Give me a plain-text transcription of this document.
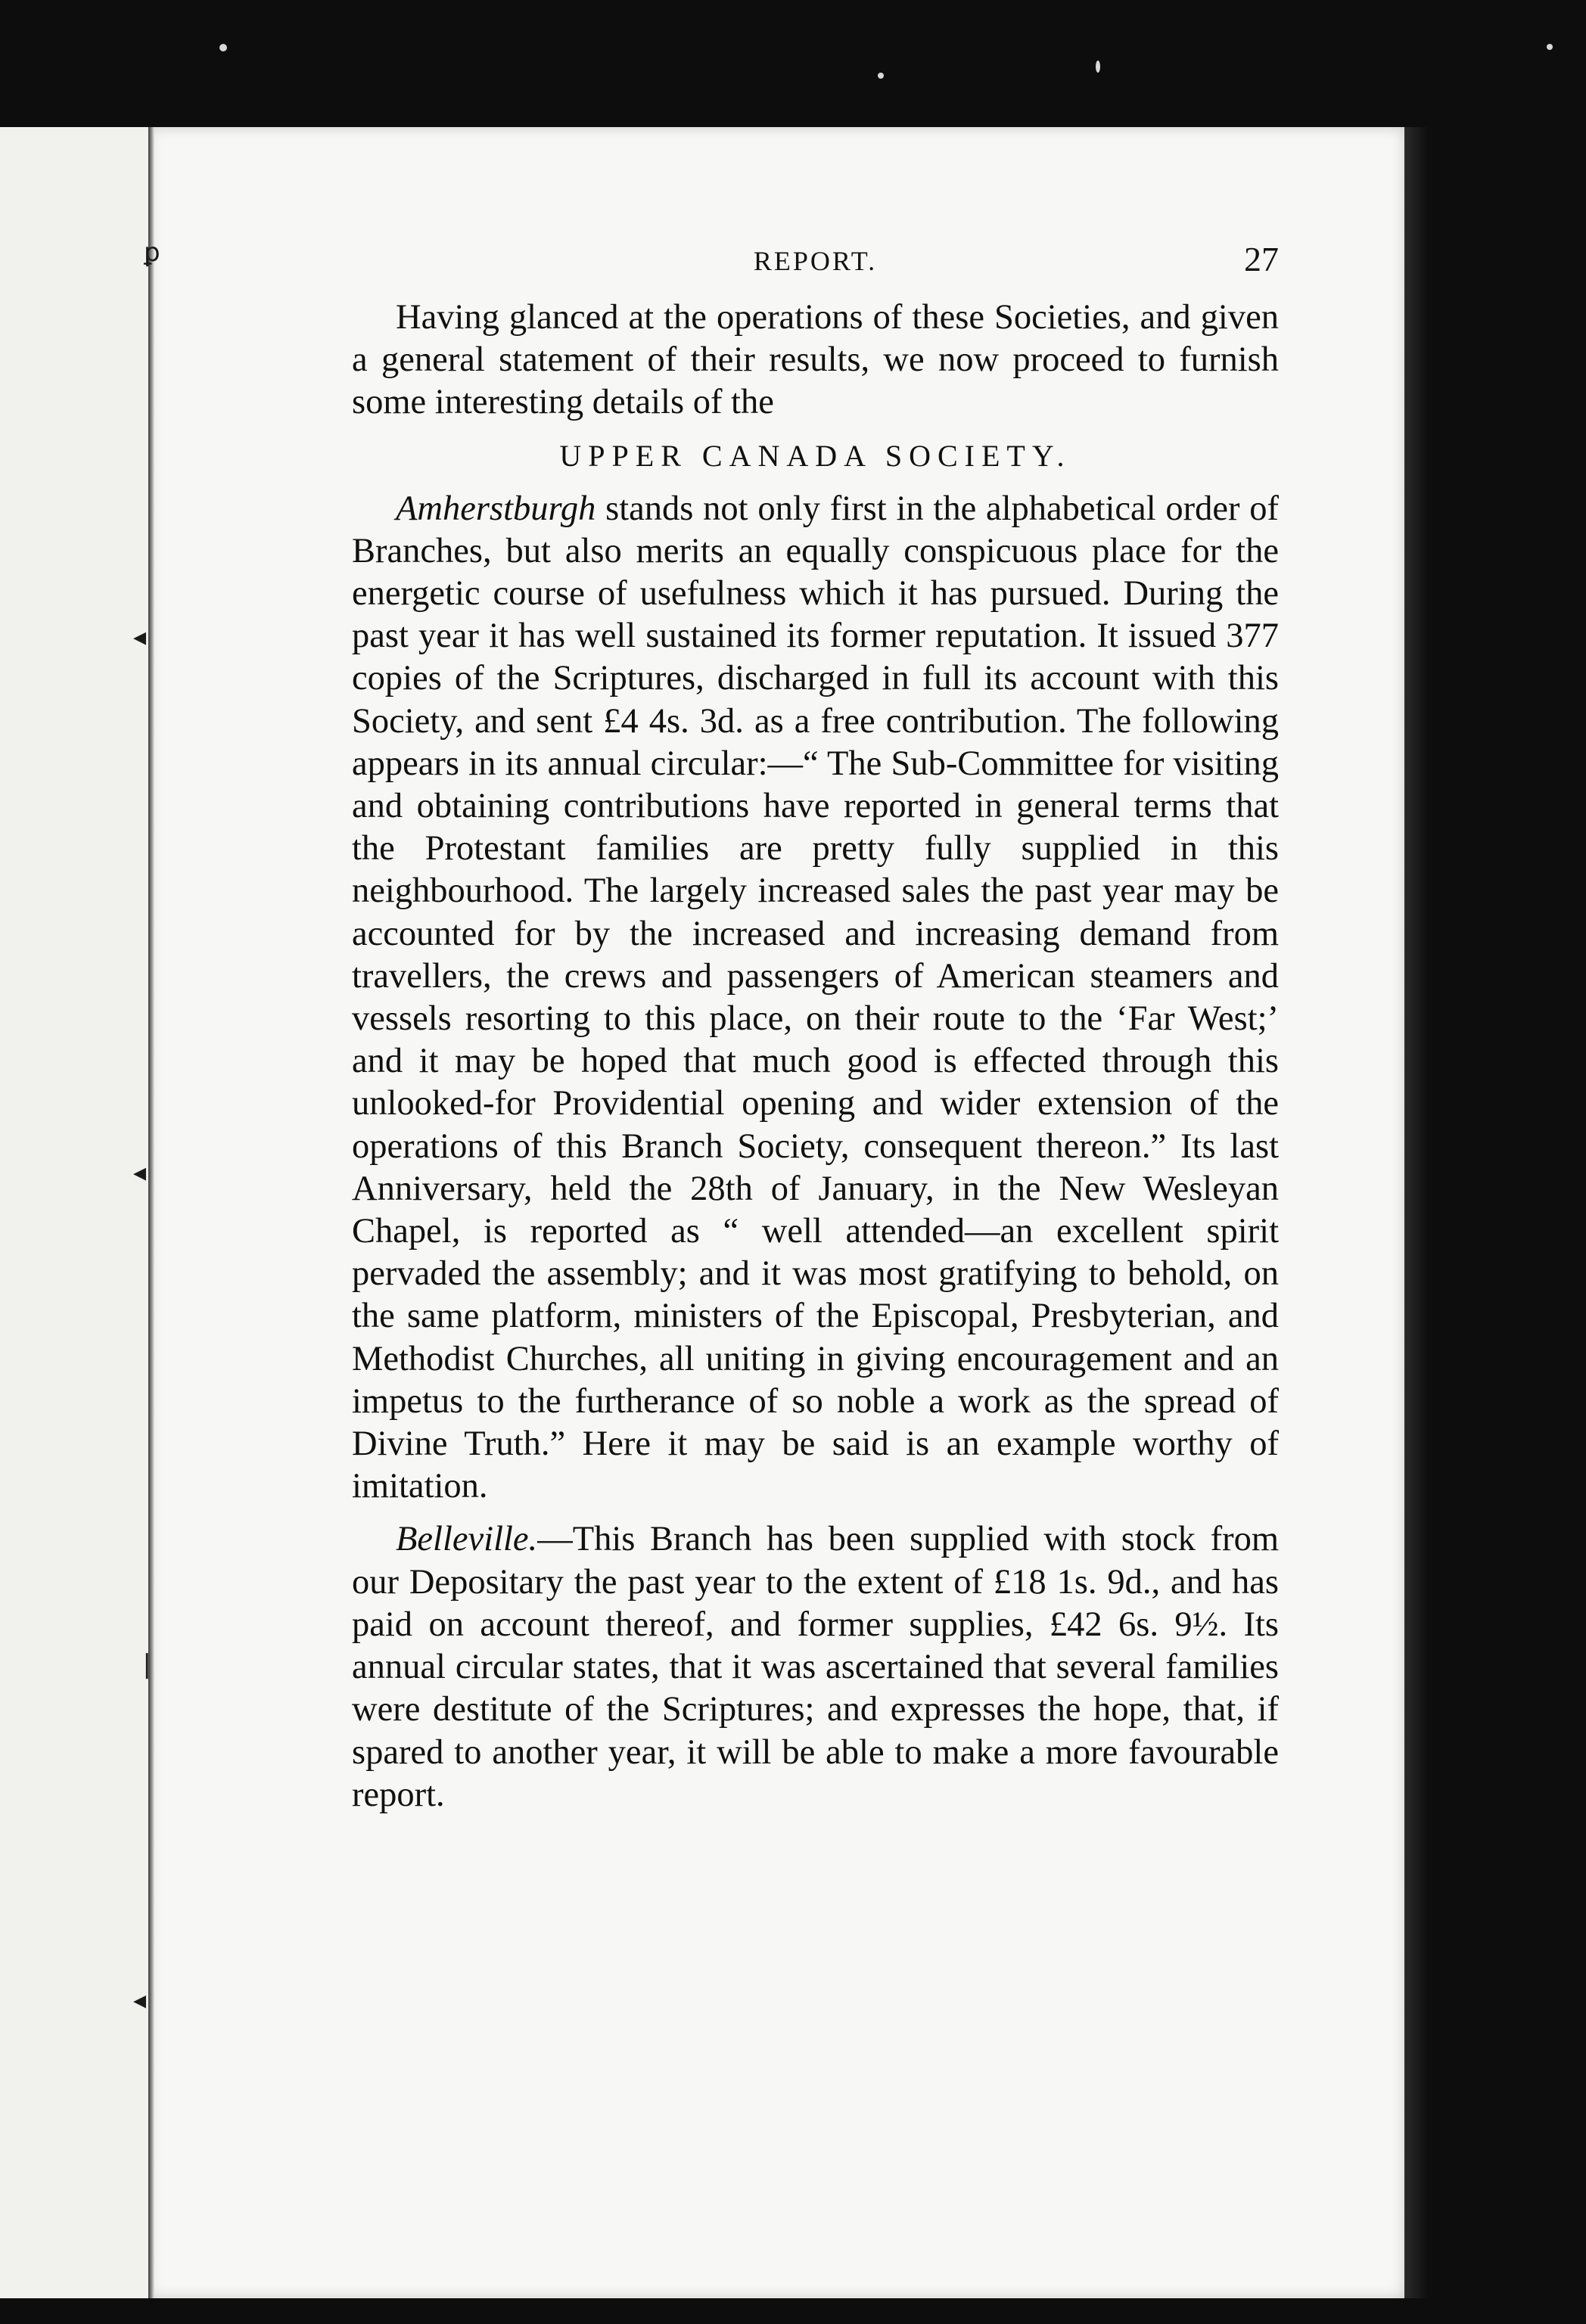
ꝑ
◂
◂
❘
◂
REPORT.	27

Having glanced at the operations of these Societies, and given a general statement of their results, we now proceed to furnish some interesting details of the

UPPER CANADA SOCIETY.

Amherstburgh stands not only first in the alphabetical order of Branches, but also merits an equally conspicuous place for the energetic course of usefulness which it has pursued. During the past year it has well sustained its former reputation. It issued 377 copies of the Scriptures, discharged in full its account with this Society, and sent £4 4s. 3d. as a free contribution. The following appears in its annual circular:—“ The Sub-Committee for visiting and obtaining contributions have reported in general terms that the Protestant families are pretty fully supplied in this neighbourhood. The largely increased sales the past year may be accounted for by the increased and increasing demand from travellers, the crews and passengers of American steamers and vessels resorting to this place, on their route to the ‘Far West;’ and it may be hoped that much good is effected through this unlooked-for Providential opening and wider extension of the operations of this Branch Society, consequent thereon.” Its last Anniversary, held the 28th of January, in the New Wesleyan Chapel, is reported as “ well attended—an excellent spirit pervaded the assembly; and it was most gratifying to behold, on the same platform, ministers of the Episcopal, Presbyterian, and Methodist Churches, all uniting in giving encouragement and an impetus to the furtherance of so noble a work as the spread of Divine Truth.” Here it may be said is an example worthy of imitation.

Belleville.—This Branch has been supplied with stock from our Depositary the past year to the extent of £18 1s. 9d., and has paid on account thereof, and former supplies, £42 6s. 9½. Its annual circular states, that it was ascertained that several families were destitute of the Scriptures; and expresses the hope, that, if spared to another year, it will be able to make a more favourable report.
